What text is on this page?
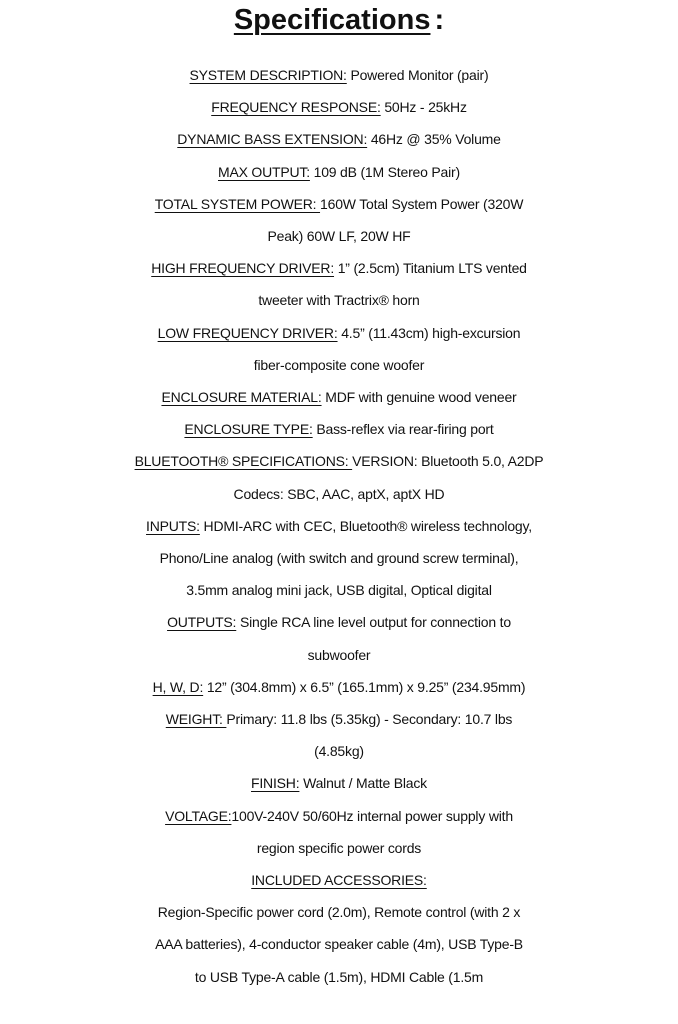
Specifications :
SYSTEM DESCRIPTION: Powered Monitor (pair)
FREQUENCY RESPONSE: 50Hz - 25kHz
DYNAMIC BASS EXTENSION: 46Hz @ 35% Volume
MAX OUTPUT: 109 dB (1M Stereo Pair)
TOTAL SYSTEM POWER: 160W Total System Power (320W
Peak) 60W LF, 20W HF
HIGH FREQUENCY DRIVER: 1” (2.5cm) Titanium LTS vented
tweeter with Tractrix® horn
LOW FREQUENCY DRIVER: 4.5” (11.43cm) high-excursion
fiber-composite cone woofer
ENCLOSURE MATERIAL: MDF with genuine wood veneer
ENCLOSURE TYPE: Bass-reflex via rear-firing port
BLUETOOTH® SPECIFICATIONS: VERSION: Bluetooth 5.0, A2DP
Codecs: SBC, AAC, aptX, aptX HD
INPUTS: HDMI-ARC with CEC, Bluetooth® wireless technology,
Phono/Line analog (with switch and ground screw terminal),
3.5mm analog mini jack, USB digital, Optical digital
OUTPUTS: Single RCA line level output for connection to
subwoofer
H, W, D: 12” (304.8mm) x 6.5” (165.1mm) x 9.25” (234.95mm)
WEIGHT: Primary: 11.8 lbs (5.35kg) - Secondary: 10.7 lbs
(4.85kg)
FINISH: Walnut / Matte Black
VOLTAGE:100V-240V 50/60Hz internal power supply with
region specific power cords
INCLUDED ACCESSORIES:
Region-Specific power cord (2.0m), Remote control (with 2 x
AAA batteries), 4-conductor speaker cable (4m), USB Type-B
to USB Type-A cable (1.5m), HDMI Cable (1.5m
